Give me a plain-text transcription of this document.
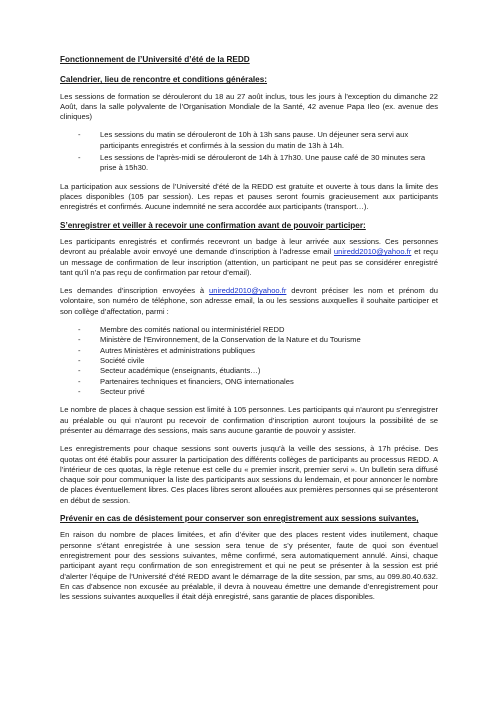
Fonctionnement de l’Université d’été de la REDD
Calendrier, lieu de rencontre et conditions générales:

Les sessions de formation se dérouleront du 18 au 27 août inclus, tous les jours à l’exception du dimanche 22 Août, dans la salle polyvalente de l’Organisation Mondiale de la Santé, 42 avenue Papa Ileo (ex. avenue des cliniques)

- Les sessions du matin se dérouleront de 10h à 13h sans pause. Un déjeuner sera servi aux participants enregistrés et confirmés à la session du matin de 13h à 14h.
- Les sessions de l’après-midi se dérouleront de 14h à 17h30. Une pause café de 30 minutes sera prise à 15h30.

La participation aux sessions de l’Université d’été de la REDD est gratuite et ouverte à tous dans la limite des places disponibles (105 par session). Les repas et pauses seront fournis gracieusement aux participants enregistrés et confirmés. Aucune indemnité ne sera accordée aux participants (transport…).

S’enregistrer et veiller à recevoir une confirmation avant de pouvoir participer:

Les participants enregistrés et confirmés recevront un badge à leur arrivée aux sessions. Ces personnes devront au préalable avoir envoyé une demande d’inscription à l’adresse email uniredd2010@yahoo.fr et reçu un message de confirmation de leur inscription (attention, un participant ne peut pas se considérer enregistré tant qu’il n’a pas reçu de confirmation par retour d’email).

Les demandes d’inscription envoyées à uniredd2010@yahoo.fr devront préciser les nom et prénom du volontaire, son numéro de téléphone, son adresse email, la ou les sessions auxquelles il souhaite participer et son collège d’affectation, parmi :

- Membre des comités national ou interministériel REDD
- Ministère de l’Environnement, de la Conservation de la Nature et du Tourisme
- Autres Ministères et administrations publiques
- Société civile
- Secteur académique (enseignants, étudiants…)
- Partenaires techniques et financiers, ONG internationales
- Secteur privé

Le nombre de places à chaque session est limité à 105 personnes. Les participants qui n’auront pu s’enregistrer au préalable ou qui n’auront pu recevoir de confirmation d’inscription auront toujours la possibilité de se présenter au démarrage des sessions, mais sans aucune garantie de pouvoir y assister.

Les enregistrements pour chaque sessions sont ouverts jusqu’à la veille des sessions, à 17h précise. Des quotas ont été établis pour assurer la participation des différents collèges de participants au processus REDD. A l’intérieur de ces quotas, la règle retenue est celle du « premier inscrit, premier servi ». Un bulletin sera diffusé chaque soir pour communiquer la liste des participants aux sessions du lendemain, et pour annoncer le nombre de places éventuellement libres. Ces places libres seront allouées aux premières personnes qui se présenteront en début de session.

Prévenir en cas de désistement pour conserver son enregistrement aux sessions suivantes,

En raison du nombre de places limitées, et afin d’éviter que des places restent vides inutilement, chaque personne s’étant enregistrée à une session sera tenue de s’y présenter, faute de quoi son éventuel enregistrement pour des sessions suivantes, même confirmé, sera automatiquement annulé. Ainsi, chaque participant ayant reçu confirmation de son enregistrement et qui ne peut se présenter à la session est prié d’alerter l’équipe de l’Université d’été REDD avant le démarrage de la dite session, par sms, au 099.80.40.632. En cas d’absence non excusée au préalable, il devra à nouveau émettre une demande d’enregistrement pour les sessions suivantes auxquelles il était déjà enregistré, sans garantie de places disponibles.
